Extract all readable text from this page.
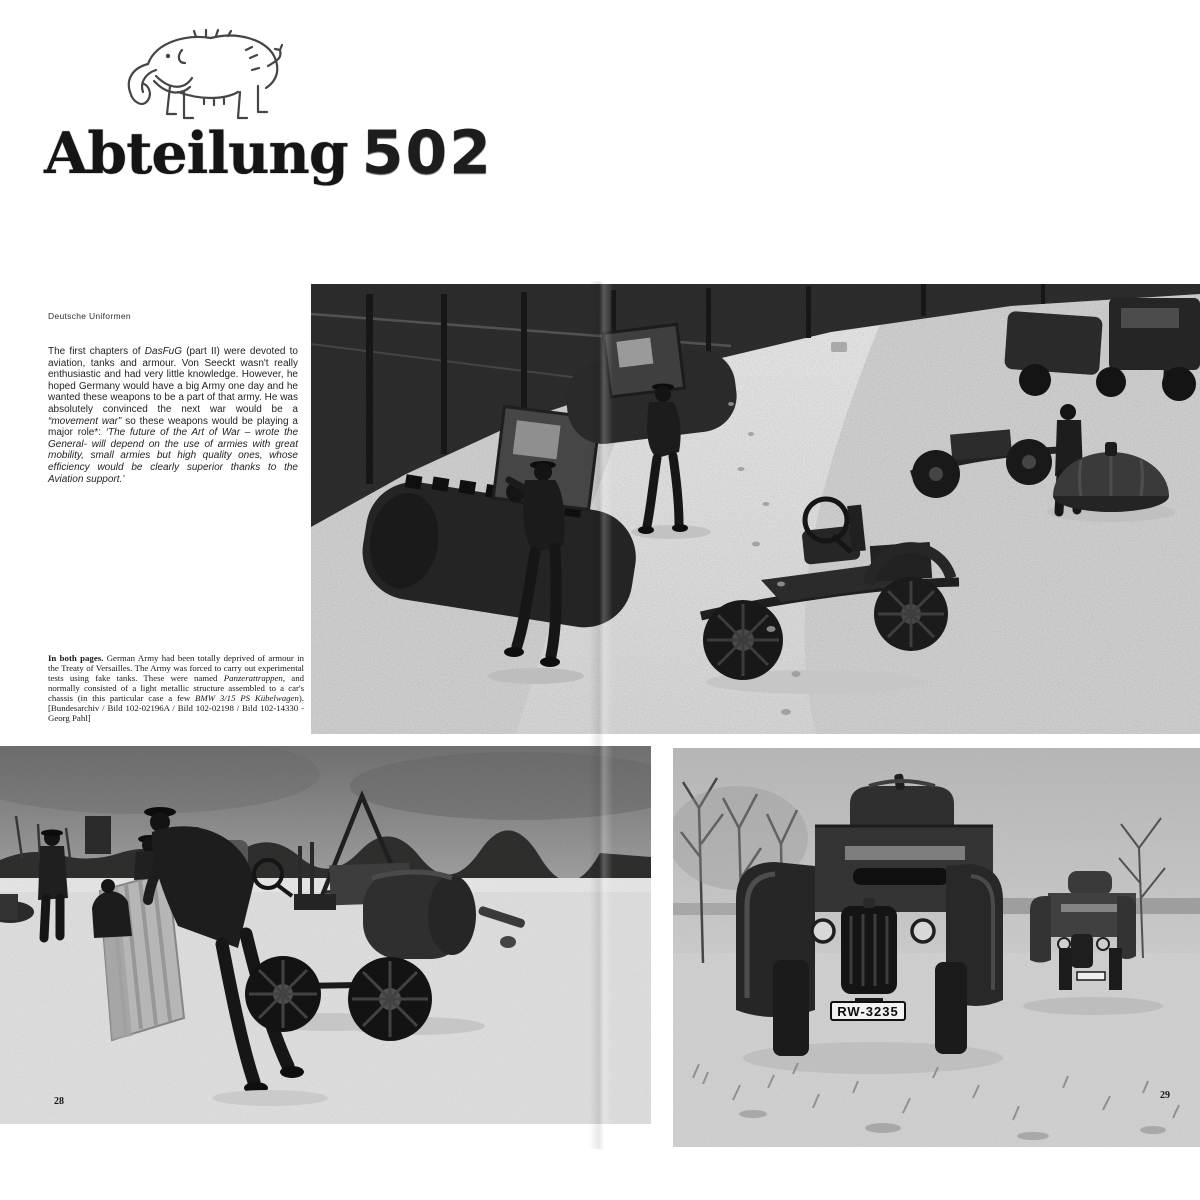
Abteilung 502
Deutsche Uniformen
The first chapters of DasFuG (part II) were devoted to aviation, tanks and armour. Von Seeckt wasn't really enthusiastic and had very little knowledge. However, he hoped Germany would have a big Army one day and he wanted these weapons to be a part of that army. He was absolutely convinced the next war would be a “movement war” so these weapons would be playing a major role*: ‘The future of the Art of War – wrote the General- will depend on the use of armies with great mobility, small armies but high quality ones, whose efficiency would be clearly superior thanks to the Aviation support.’
In both pages. German Army had been totally deprived of armour in the Treaty of Versailles. The Army was forced to carry out experimental tests using fake tanks. These were named Panzerattrappen, and normally consisted of a light metallic structure assembled to a car's chassis (in this particular case a few BMW 3/15 PS Kübelwagen). [Bundesarchiv / Bild 102-02196A / Bild 102-02198 / Bild 102-14330 - Georg Pahl]
RW-3235
28
29
